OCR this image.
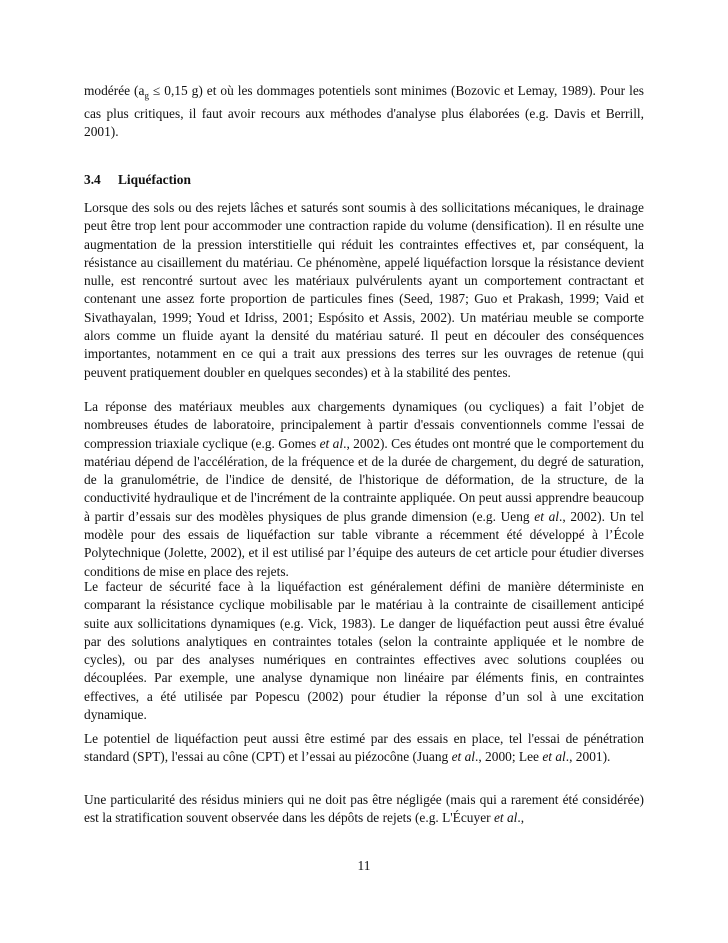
modérée ($a_g \le 0,15$ g) et où les dommages potentiels sont minimes (Bozovic et Lemay, 1989). Pour les cas plus critiques, il faut avoir recours aux méthodes d'analyse plus élaborées (e.g. Davis et Berrill, 2001).

3.4 Liquéfaction

Lorsque des sols ou des rejets lâches et saturés sont soumis à des sollicitations mécaniques, le drainage peut être trop lent pour accommoder une contraction rapide du volume (densification). Il en résulte une augmentation de la pression interstitielle qui réduit les contraintes effectives et, par conséquent, la résistance au cisaillement du matériau. Ce phénomène, appelé liquéfaction lorsque la résistance devient nulle, est rencontré surtout avec les matériaux pulvérulents ayant un comportement contractant et contenant une assez forte proportion de particules fines (Seed, 1987; Guo et Prakash, 1999; Vaid et Sivathayalan, 1999; Youd et Idriss, 2001; Espósito et Assis, 2002). Un matériau meuble se comporte alors comme un fluide ayant la densité du matériau saturé. Il peut en découler des conséquences importantes, notamment en ce qui a trait aux pressions des terres sur les ouvrages de retenue (qui peuvent pratiquement doubler en quelques secondes) et à la stabilité des pentes.

La réponse des matériaux meubles aux chargements dynamiques (ou cycliques) a fait l’objet de nombreuses études de laboratoire, principalement à partir d'essais conventionnels comme l'essai de compression triaxiale cyclique (e.g. Gomes et al., 2002). Ces études ont montré que le comportement du matériau dépend de l'accélération, de la fréquence et de la durée de chargement, du degré de saturation, de la granulométrie, de l'indice de densité, de l'historique de déformation, de la structure, de la conductivité hydraulique et de l'incrément de la contrainte appliquée. On peut aussi apprendre beaucoup à partir d’essais sur des modèles physiques de plus grande dimension (e.g. Ueng et al., 2002). Un tel modèle pour des essais de liquéfaction sur table vibrante a récemment été développé à l’École Polytechnique (Jolette, 2002), et il est utilisé par l’équipe des auteurs de cet article pour étudier diverses conditions de mise en place des rejets.

Le facteur de sécurité face à la liquéfaction est généralement défini de manière déterministe en comparant la résistance cyclique mobilisable par le matériau à la contrainte de cisaillement anticipé suite aux sollicitations dynamiques (e.g. Vick, 1983). Le danger de liquéfaction peut aussi être évalué par des solutions analytiques en contraintes totales (selon la contrainte appliquée et le nombre de cycles), ou par des analyses numériques en contraintes effectives avec solutions couplées ou découplées. Par exemple, une analyse dynamique non linéaire par éléments finis, en contraintes effectives, a été utilisée par Popescu (2002) pour étudier la réponse d’un sol à une excitation dynamique.

Le potentiel de liquéfaction peut aussi être estimé par des essais en place, tel l'essai de pénétration standard (SPT), l'essai au cône (CPT) et l’essai au piézocône (Juang et al., 2000; Lee et al., 2001).

Une particularité des résidus miniers qui ne doit pas être négligée (mais qui a rarement été considérée) est la stratification souvent observée dans les dépôts de rejets (e.g. L'Écuyer et al.,

11
